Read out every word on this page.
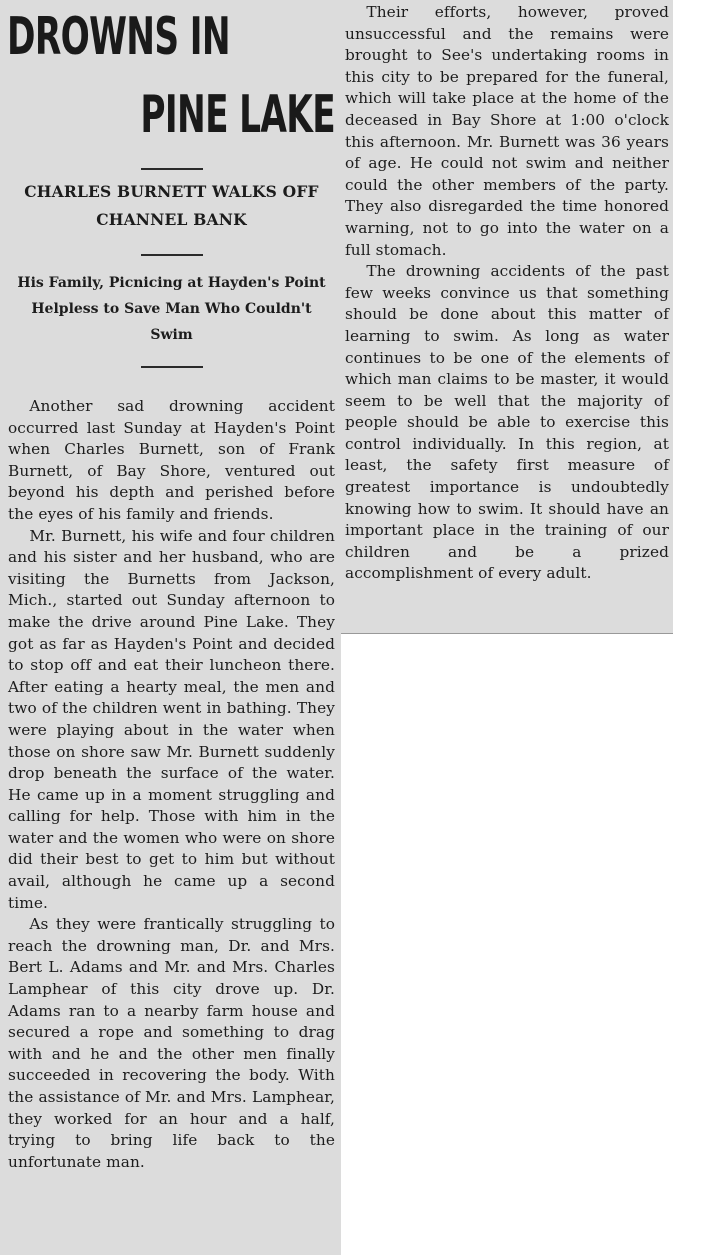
DROWNS IN
PINE LAKE
CHARLES BURNETT WALKS OFF CHANNEL BANK
His Family, Picnicing at Hayden's Point Helpless to Save Man Who Couldn't Swim

Another sad drowning accident occurred last Sunday at Hayden's Point when Charles Burnett, son of Frank Burnett, of Bay Shore, ventured out beyond his depth and perished before the eyes of his family and friends.

Mr. Burnett, his wife and four children and his sister and her husband, who are visiting the Burnetts from Jackson, Mich., started out Sunday afternoon to make the drive around Pine Lake. They got as far as Hayden's Point and decided to stop off and eat their luncheon there. After eating a hearty meal, the men and two of the children went in bathing. They were playing about in the water when those on shore saw Mr. Burnett suddenly drop beneath the surface of the water. He came up in a moment struggling and calling for help. Those with him in the water and the women who were on shore did their best to get to him but without avail, although he came up a second time.

As they were frantically struggling to reach the drowning man, Dr. and Mrs. Bert L. Adams and Mr. and Mrs. Charles Lamphear of this city drove up. Dr. Adams ran to a nearby farm house and secured a rope and something to drag with and he and the other men finally succeeded in recovering the body. With the assistance of Mr. and Mrs. Lamphear, they worked for an hour and a half, trying to bring life back to the unfortunate man.

Their efforts, however, proved unsuccessful and the remains were brought to See's undertaking rooms in this city to be prepared for the funeral, which will take place at the home of the deceased in Bay Shore at 1:00 o'clock this afternoon. Mr. Burnett was 36 years of age. He could not swim and neither could the other members of the party. They also disregarded the time honored warning, not to go into the water on a full stomach.

The drowning accidents of the past few weeks convince us that something should be done about this matter of learning to swim. As long as water continues to be one of the elements of which man claims to be master, it would seem to be well that the majority of people should be able to exercise this control individually. In this region, at least, the safety first measure of greatest importance is undoubtedly knowing how to swim. It should have an important place in the training of our children and be a prized accomplishment of every adult.
